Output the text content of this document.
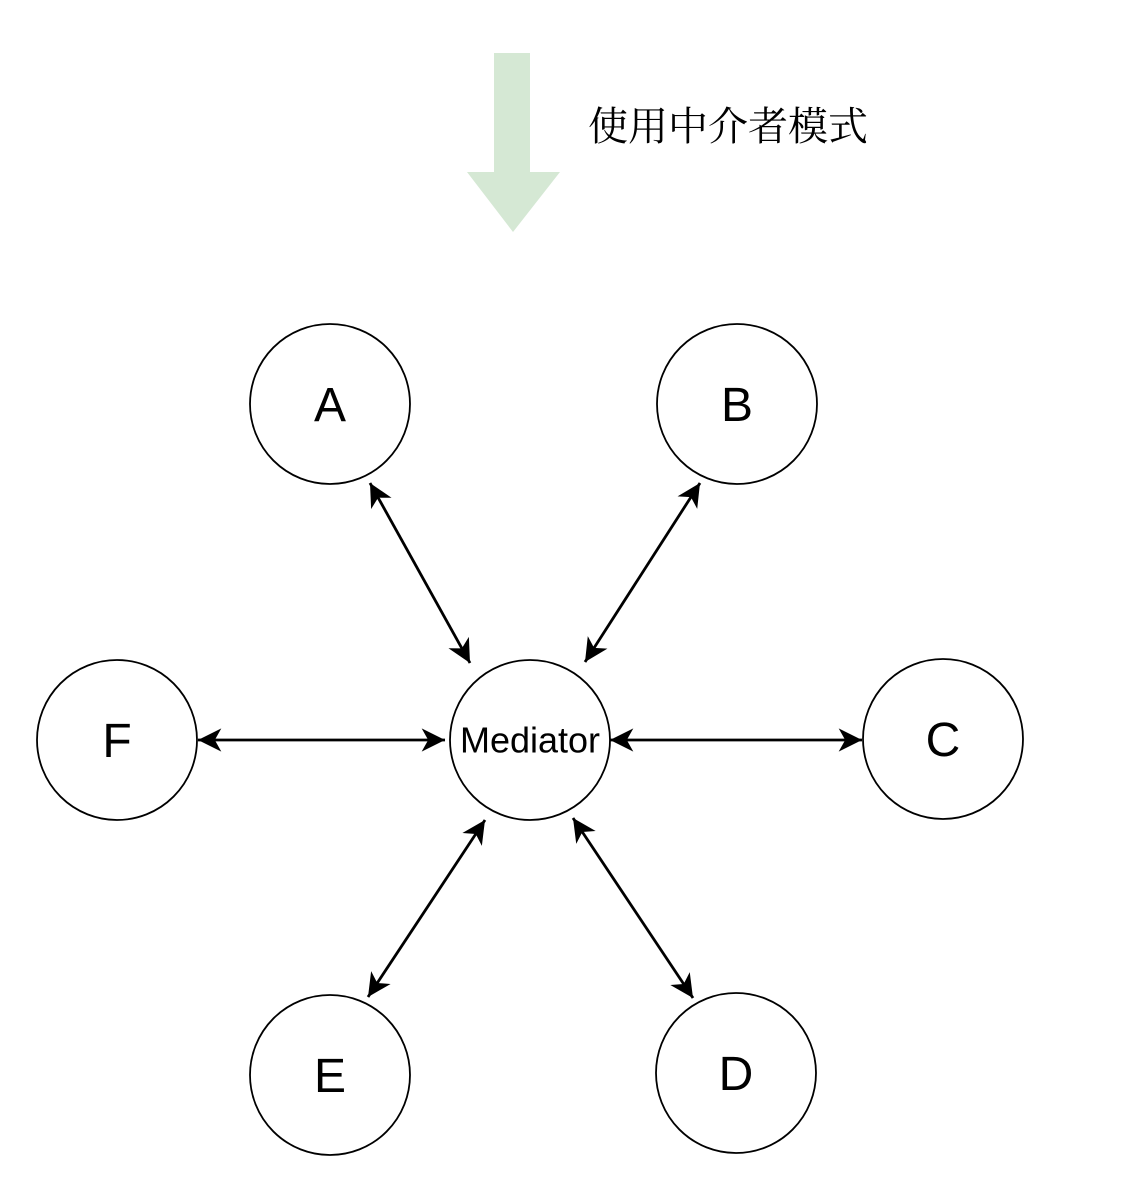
使用中介者模式
A	B
C
D
E
F	Mediator
